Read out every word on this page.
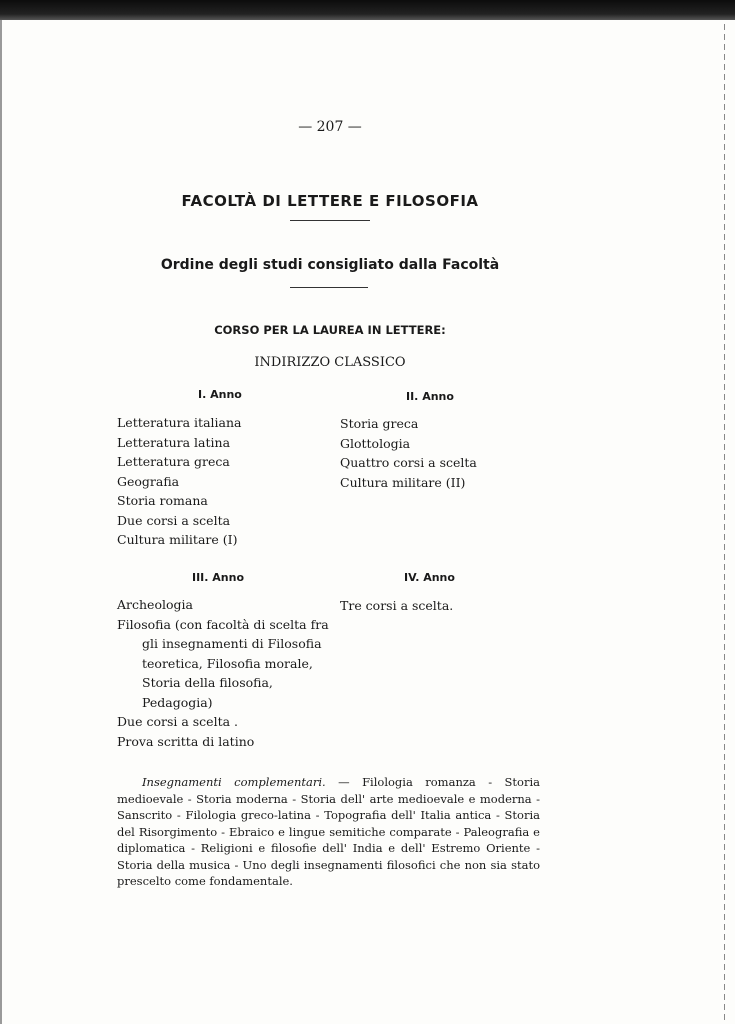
— 207 —
FACOLTÀ DI LETTERE E FILOSOFIA
Ordine degli studi consigliato dalla Facoltà
CORSO PER LA LAUREA IN LETTERE:
INDIRIZZO CLASSICO
I. Anno
Letteratura italiana
Letteratura latina
Letteratura greca
Geografia
Storia romana
Due corsi a scelta
Cultura militare (I)
II. Anno
Storia greca
Glottologia
Quattro corsi a scelta
Cultura militare (II)
III. Anno
Archeologia
Filosofia (con facoltà di scelta fra gli insegnamenti di Filosofia teoretica, Filosofia morale, Storia della filosofia, Pedagogia)
Due corsi a scelta .
Prova scritta di latino
IV. Anno
Tre corsi a scelta.

Insegnamenti complementari. — Filologia romanza - Storia medioevale - Storia moderna - Storia dell' arte medioevale e moderna - Sanscrito - Filologia greco-latina - Topografia dell' Italia antica - Storia del Risorgimento - Ebraico e lingue semitiche comparate - Paleografia e diplomatica - Religioni e filosofie dell' India e dell' Estremo Oriente - Storia della musica - Uno degli insegnamenti filosofici che non sia stato prescelto come fondamentale.
